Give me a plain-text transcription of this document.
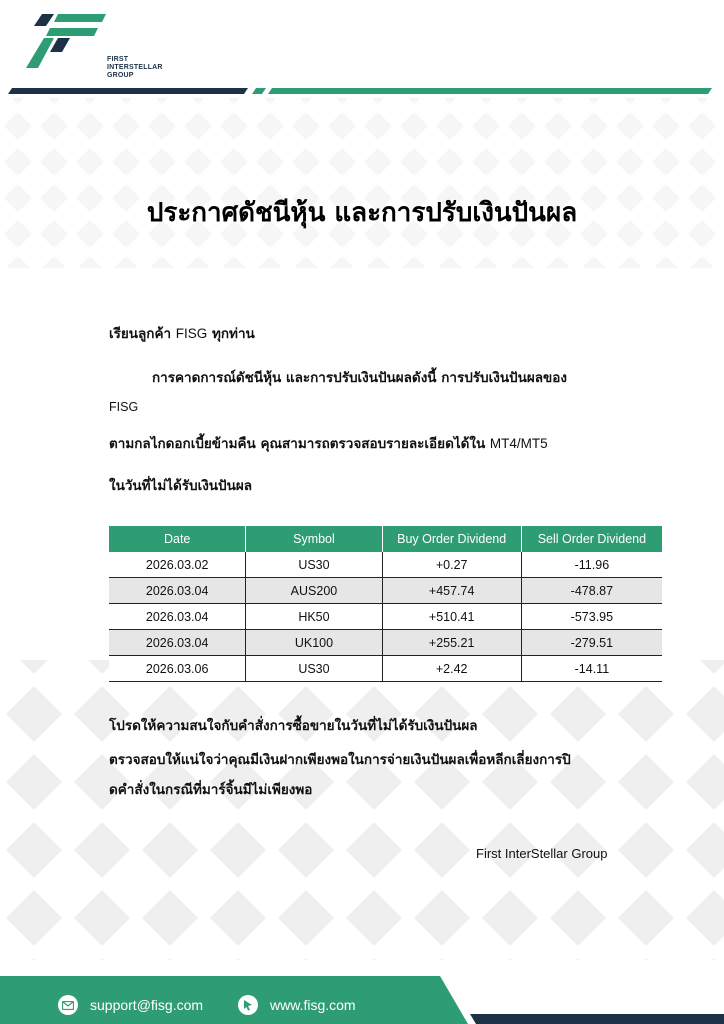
FIRST
INTERSTELLAR
GROUP
ประกาศดัชนีหุ้น และการปรับเงินปันผล
เรียนลูกค้า FISG ทุกท่าน
การคาดการณ์ดัชนีหุ้น และการปรับเงินปันผลดังนี้ การปรับเงินปันผลของ
FISG
ตามกลไกดอกเบี้ยข้ามคืน คุณสามารถตรวจสอบรายละเอียดได้ใน MT4/MT5
ในวันที่ไม่ได้รับเงินปันผล
Date	Symbol	Buy Order Dividend	Sell Order Dividend
2026.03.02	US30	+0.27	-11.96
2026.03.04	AUS200	+457.74	-478.87
2026.03.04	HK50	+510.41	-573.95
2026.03.04	UK100	+255.21	-279.51
2026.03.06	US30	+2.42	-14.11
โปรดให้ความสนใจกับคำสั่งการซื้อขายในวันที่ไม่ได้รับเงินปันผล
ตรวจสอบให้แน่ใจว่าคุณมีเงินฝากเพียงพอในการจ่ายเงินปันผลเพื่อหลีกเลี่ยงการปิ
ดคำสั่งในกรณีที่มาร์จิ้นมีไม่เพียงพอ
First InterStellar Group
support@fisg.com	www.fisg.com
